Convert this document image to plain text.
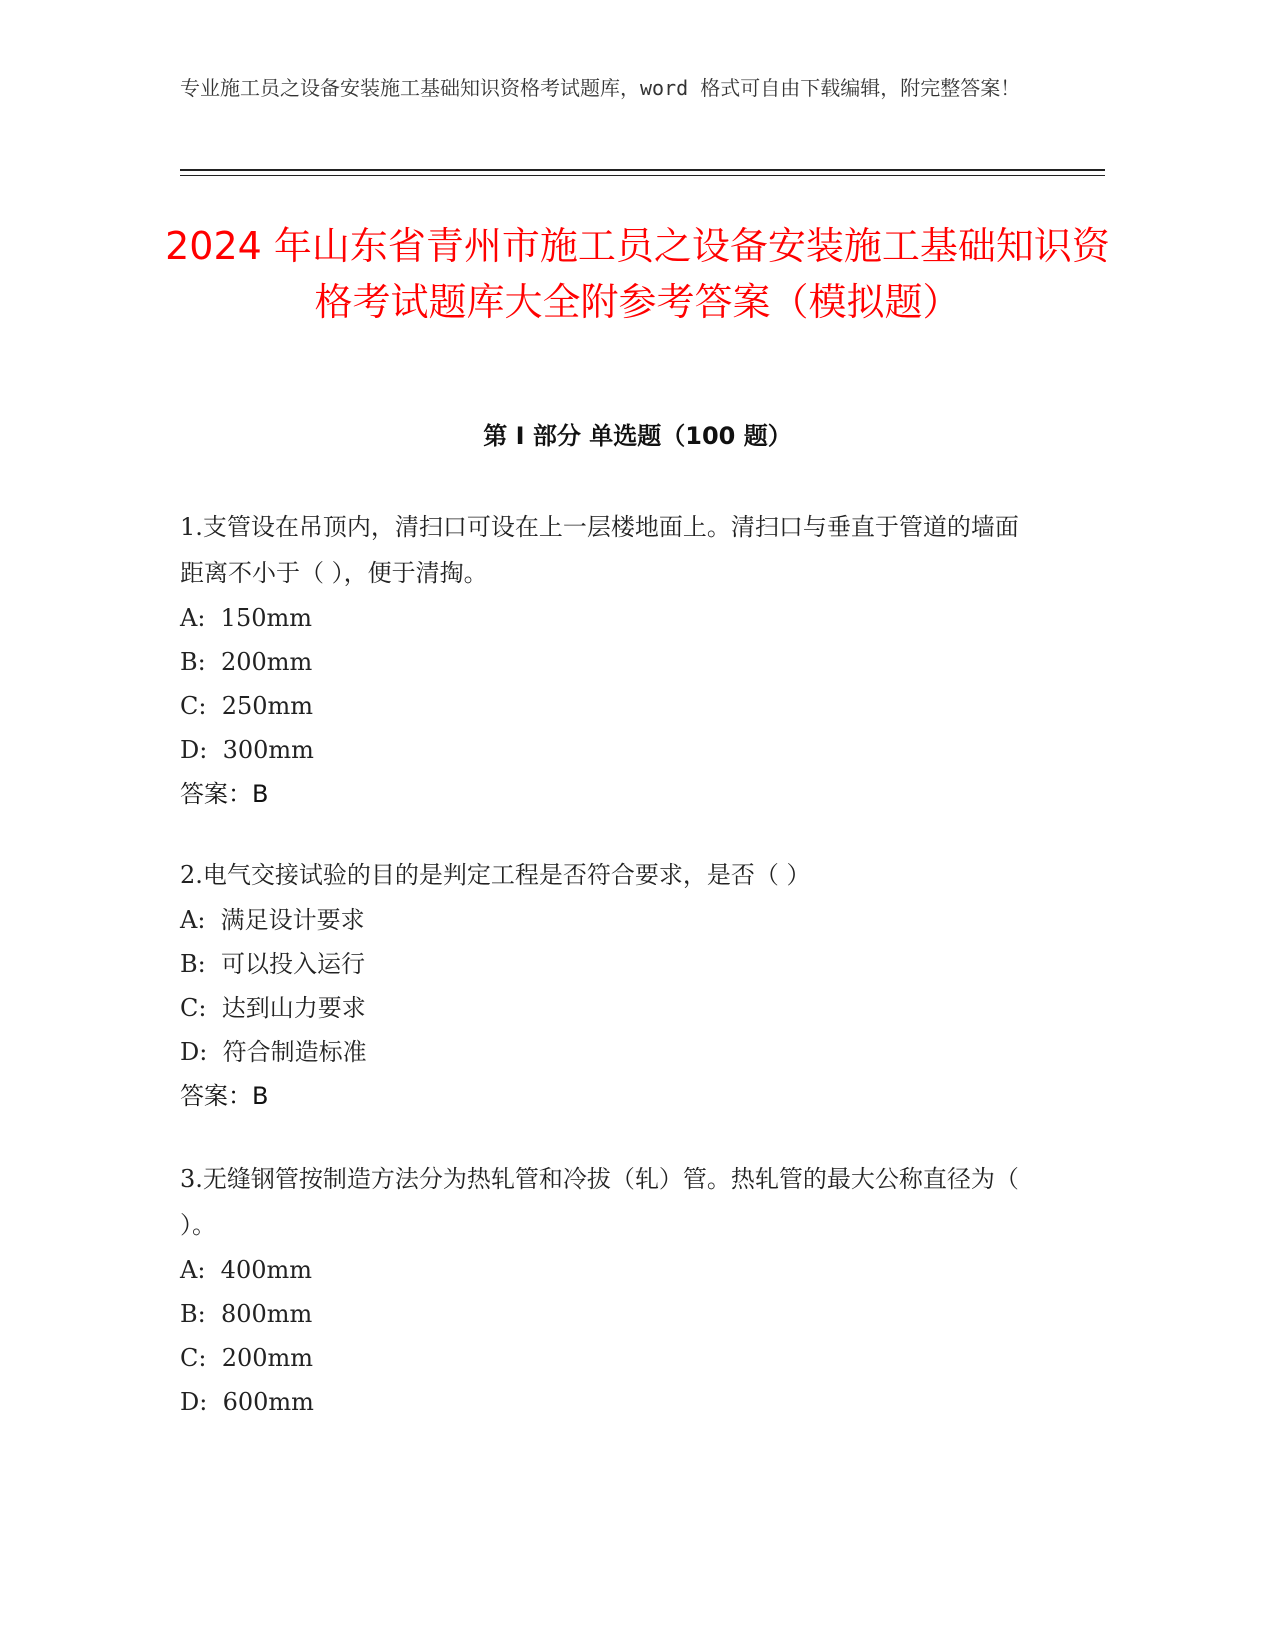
专业施工员之设备安装施工基础知识资格考试题库，word 格式可自由下载编辑，附完整答案！
2024 年山东省青州市施工员之设备安装施工基础知识资格考试题库大全附参考答案（模拟题）
第 I 部分 单选题（100 题）

1.支管设在吊顶内，清扫口可设在上一层楼地面上。清扫口与垂直于管道的墙面距离不小于（ ），便于清掏。

A:  150mm

B:  200mm

C:  250mm

D:  300mm

答案：B

2.电气交接试验的目的是判定工程是否符合要求，是否（ ）

A:  满足设计要求

B:  可以投入运行

C:  达到山力要求

D:  符合制造标准

答案：B

3.无缝钢管按制造方法分为热轧管和冷拔（轧）管。热轧管的最大公称直径为（ ）。

A:  400mm

B:  800mm

C:  200mm

D:  600mm
